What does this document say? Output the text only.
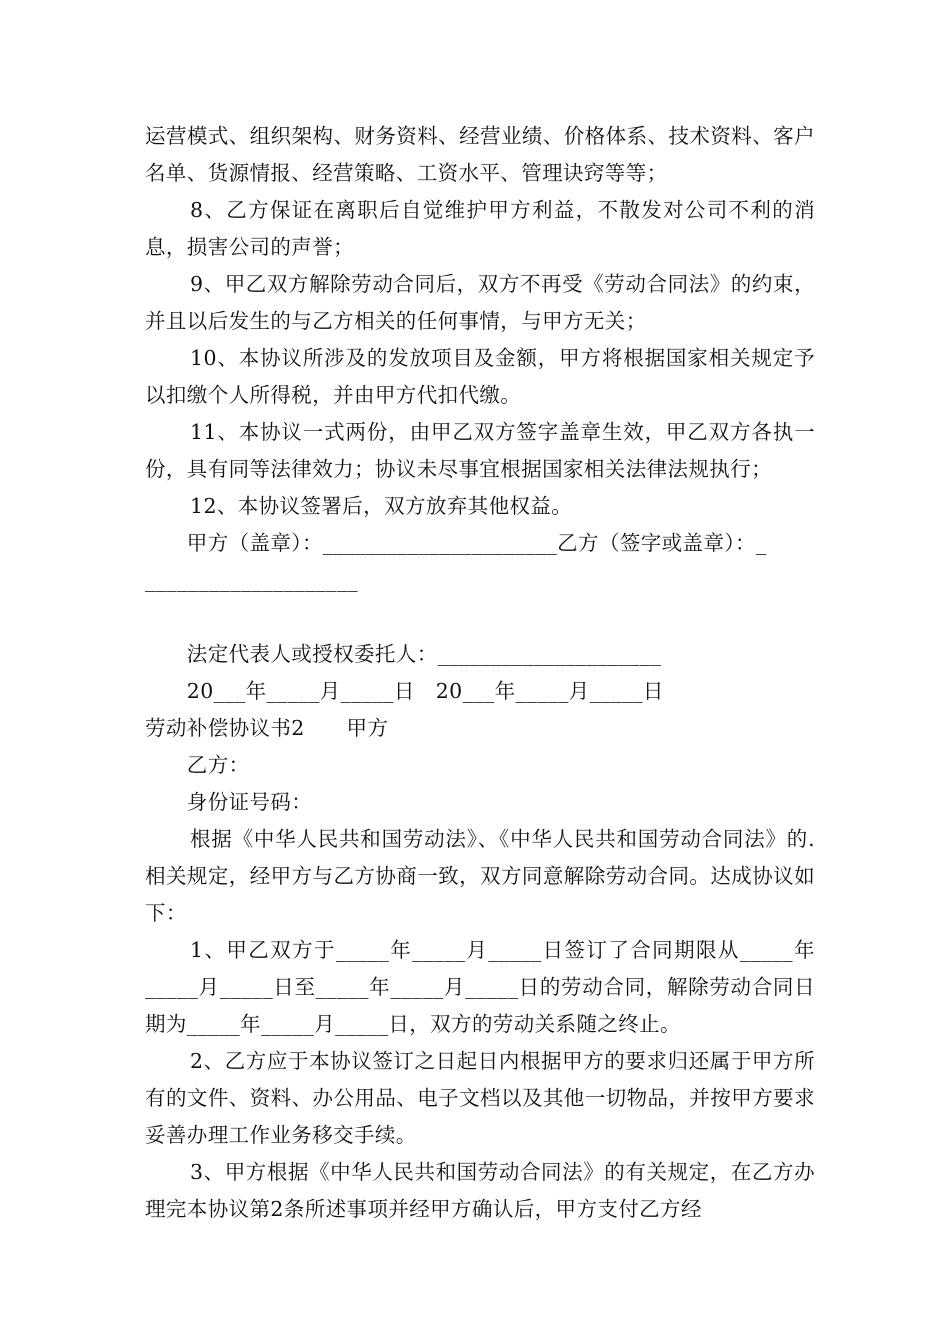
运营模式、组织架构、财务资料、经营业绩、价格体系、技术资料、客户名单、货源情报、经营策略、工资水平、管理诀窍等等；

8、乙方保证在离职后自觉维护甲方利益，不散发对公司不利的消息，损害公司的声誉；

9、甲乙双方解除劳动合同后，双方不再受《劳动合同法》的约束，并且以后发生的与乙方相关的任何事情，与甲方无关；

10、本协议所涉及的发放项目及金额，甲方将根据国家相关规定予以扣缴个人所得税，并由甲方代扣代缴。

11、本协议一式两份，由甲乙双方签字盖章生效，甲乙双方各执一份，具有同等法律效力；协议未尽事宜根据国家相关法律法规执行；

12、本协议签署后，双方放弃其他权益。

　　甲方（盖章）：______________________乙方（签字或盖章）：_

____________________

　　法定代表人或授权委托人：_____________________

　　20___年_____月_____日　20___年_____月_____日

劳动补偿协议书2　　甲方

　　乙方：

　　身份证号码：

根据《中华人民共和国劳动法》、《中华人民共和国劳动合同法》的.相关规定，经甲方与乙方协商一致，双方同意解除劳动合同。达成协议如下：

1、甲乙双方于_____年_____月_____日签订了合同期限从_____年_____月_____日至_____年_____月_____日的劳动合同，解除劳动合同日期为_____年_____月_____日，双方的劳动关系随之终止。

2、乙方应于本协议签订之日起日内根据甲方的要求归还属于甲方所有的文件、资料、办公用品、电子文档以及其他一切物品，并按甲方要求妥善办理工作业务移交手续。

3、甲方根据《中华人民共和国劳动合同法》的有关规定，在乙方办理完本协议第2条所述事项并经甲方确认后，甲方支付乙方经
